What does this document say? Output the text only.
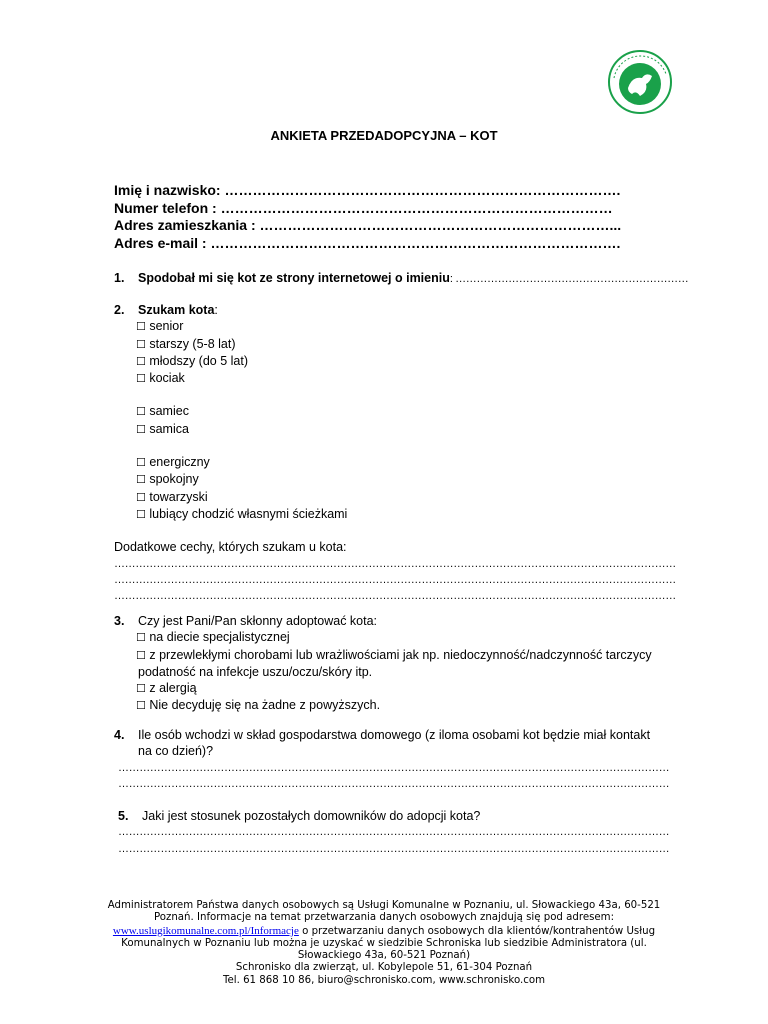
ANKIETA PRZEDADOPCYJNA – KOT
Imię i nazwisko: ………………………………………………………………………….
Numer telefon : …………………………………………………………………………
Adres zamieszkania : …………………………………………………………………...
Adres e-mail : …………………………………………………………………………….
1. Spodobał mi się kot ze strony internetowej o imieniu: …………………………………………………………
2. Szukam kota:
☐ senior
☐ starszy (5-8 lat)
☐ młodszy (do 5 lat)
☐ kociak
☐ samiec
☐ samica
☐ energiczny
☐ spokojny
☐ towarzyski
☐ lubiący chodzić własnymi ścieżkami
Dodatkowe cechy, których szukam u kota:
……………………………………………………………………………………………………………………………………………
……………………………………………………………………………………………………………………………………………
……………………………………………………………………………………………………………………………………………
3. Czy jest Pani/Pan skłonny adoptować kota:
☐ na diecie specjalistycznej
☐ z przewlekłymi chorobami lub wrażliwościami jak np. niedoczynność/nadczynność tarczycy
podatność na infekcje uszu/oczu/skóry itp.
☐ z alergią
☐ Nie decyduję się na żadne z powyższych.
4. Ile osób wchodzi w skład gospodarstwa domowego (z iloma osobami kot będzie miał kontakt
na co dzień)?
…………………………………………………………………………………………………………………………………………
…………………………………………………………………………………………………………………………………………
5. Jaki jest stosunek pozostałych domowników do adopcji kota?
…………………………………………………………………………………………………………………………………………
…………………………………………………………………………………………………………………………………………
Administratorem Państwa danych osobowych są Usługi Komunalne w Poznaniu, ul. Słowackiego 43a, 60-521
Poznań. Informacje na temat przetwarzania danych osobowych znajdują się pod adresem:
www.uslugikomunalne.com.pl/Informacje o przetwarzaniu danych osobowych dla klientów/kontrahentów Usług
Komunalnych w Poznaniu lub można je uzyskać w siedzibie Schroniska lub siedzibie Administratora (ul.
Słowackiego 43a, 60-521 Poznań)
Schronisko dla zwierząt, ul. Kobylepole 51, 61-304 Poznań
Tel. 61 868 10 86, biuro@schronisko.com, www.schronisko.com
